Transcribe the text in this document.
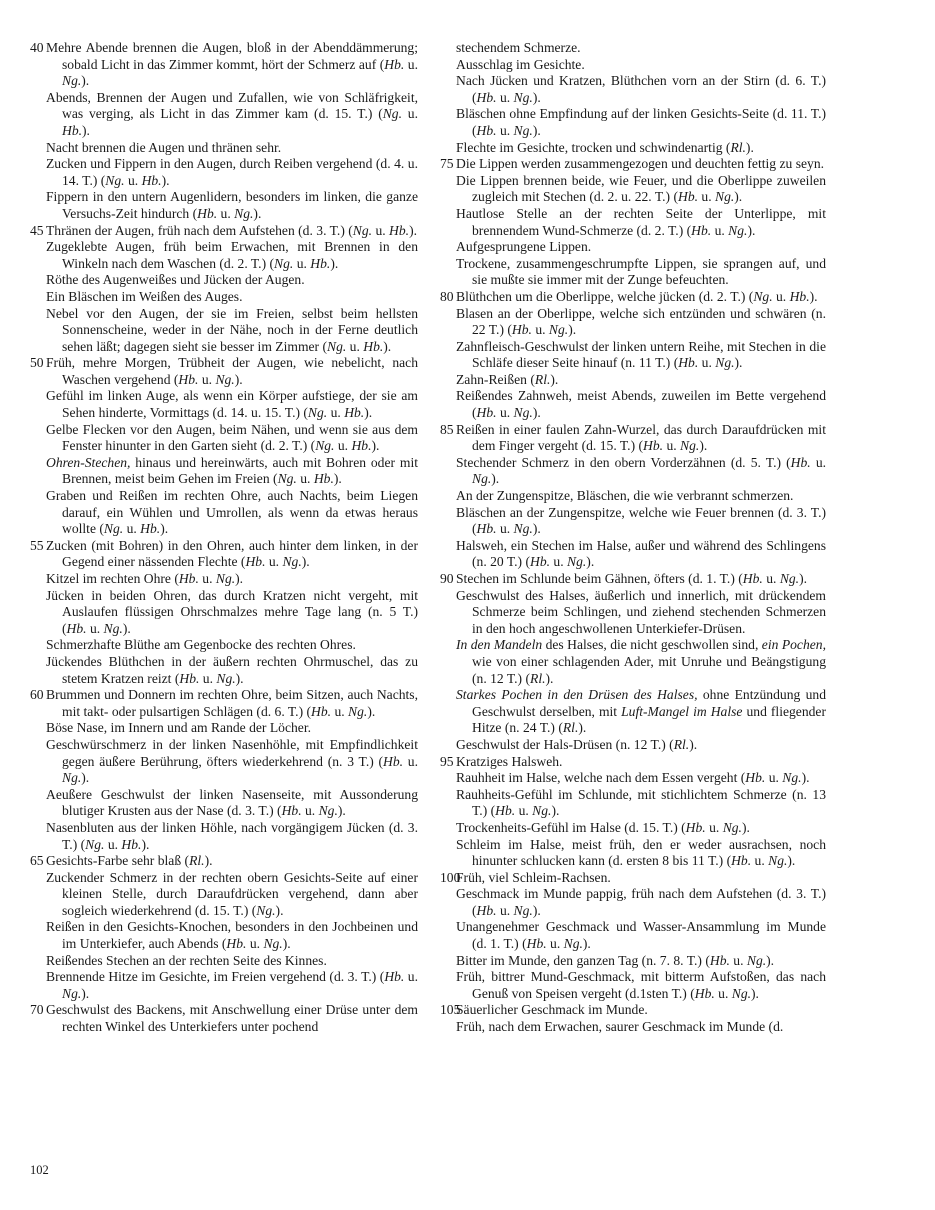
40 Mehre Abende brennen die Augen, bloß in der Abenddämmerung; sobald Licht in das Zimmer kommt, hört der Schmerz auf (Hb. u. Ng.).

Abends, Brennen der Augen und Zufallen, wie von Schläfrigkeit, was verging, als Licht in das Zimmer kam (d. 15. T.) (Ng. u. Hb.).

Nacht brennen die Augen und thränen sehr.

Zucken und Fippern in den Augen, durch Reiben vergehend (d. 4. u. 14. T.) (Ng. u. Hb.).

Fippern in den untern Augenlidern, besonders im linken, die ganze Versuchs-Zeit hindurch (Hb. u. Ng.).

45 Thränen der Augen, früh nach dem Aufstehen (d. 3. T.) (Ng. u. Hb.).

Zugeklebte Augen, früh beim Erwachen, mit Brennen in den Winkeln nach dem Waschen (d. 2. T.) (Ng. u. Hb.).

Röthe des Augenweißes und Jücken der Augen.

Ein Bläschen im Weißen des Auges.

Nebel vor den Augen, der sie im Freien, selbst beim hellsten Sonnenscheine, weder in der Nähe, noch in der Ferne deutlich sehen läßt; dagegen sieht sie besser im Zimmer (Ng. u. Hb.).

50 Früh, mehre Morgen, Trübheit der Augen, wie nebelicht, nach Waschen vergehend (Hb. u. Ng.).

Gefühl im linken Auge, als wenn ein Körper aufstiege, der sie am Sehen hinderte, Vormittags (d. 14. u. 15. T.) (Ng. u. Hb.).

Gelbe Flecken vor den Augen, beim Nähen, und wenn sie aus dem Fenster hinunter in den Garten sieht (d. 2. T.) (Ng. u. Hb.).

Ohren-Stechen, hinaus und hereinwärts, auch mit Bohren oder mit Brennen, meist beim Gehen im Freien (Ng. u. Hb.).

Graben und Reißen im rechten Ohre, auch Nachts, beim Liegen darauf, ein Wühlen und Umrollen, als wenn da etwas heraus wollte (Ng. u. Hb.).

55 Zucken (mit Bohren) in den Ohren, auch hinter dem linken, in der Gegend einer nässenden Flechte (Hb. u. Ng.).

Kitzel im rechten Ohre (Hb. u. Ng.).

Jücken in beiden Ohren, das durch Kratzen nicht vergeht, mit Auslaufen flüssigen Ohrschmalzes mehre Tage lang (n. 5 T.) (Hb. u. Ng.).

Schmerzhafte Blüthe am Gegenbocke des rechten Ohres.

Jückendes Blüthchen in der äußern rechten Ohrmuschel, das zu stetem Kratzen reizt (Hb. u. Ng.).

60 Brummen und Donnern im rechten Ohre, beim Sitzen, auch Nachts, mit takt- oder pulsartigen Schlägen (d. 6. T.) (Hb. u. Ng.).

Böse Nase, im Innern und am Rande der Löcher.

Geschwürschmerz in der linken Nasenhöhle, mit Empfindlichkeit gegen äußere Berührung, öfters wiederkehrend (n. 3 T.) (Hb. u. Ng.).

Aeußere Geschwulst der linken Nasenseite, mit Aussonderung blutiger Krusten aus der Nase (d. 3. T.) (Hb. u. Ng.).

Nasenbluten aus der linken Höhle, nach vorgängigem Jücken (d. 3. T.) (Ng. u. Hb.).

65 Gesichts-Farbe sehr blaß (Rl.).

Zuckender Schmerz in der rechten obern Gesichts-Seite auf einer kleinen Stelle, durch Daraufdrücken vergehend, dann aber sogleich wiederkehrend (d. 15. T.) (Ng.).

Reißen in den Gesichts-Knochen, besonders in den Jochbeinen und im Unterkiefer, auch Abends (Hb. u. Ng.).

Reißendes Stechen an der rechten Seite des Kinnes.

Brennende Hitze im Gesichte, im Freien vergehend (d. 3. T.) (Hb. u. Ng.).

70 Geschwulst des Backens, mit Anschwellung einer Drüse unter dem rechten Winkel des Unterkiefers unter pochend

stechendem Schmerze.

Ausschlag im Gesichte.

Nach Jücken und Kratzen, Blüthchen vorn an der Stirn (d. 6. T.) (Hb. u. Ng.).

Bläschen ohne Empfindung auf der linken Gesichts-Seite (d. 11. T.) (Hb. u. Ng.).

Flechte im Gesichte, trocken und schwindenartig (Rl.).

75 Die Lippen werden zusammengezogen und deuchten fettig zu seyn.

Die Lippen brennen beide, wie Feuer, und die Oberlippe zuweilen zugleich mit Stechen (d. 2. u. 22. T.) (Hb. u. Ng.).

Hautlose Stelle an der rechten Seite der Unterlippe, mit brennendem Wund-Schmerze (d. 2. T.) (Hb. u. Ng.).

Aufgesprungene Lippen.

Trockene, zusammengeschrumpfte Lippen, sie sprangen auf, und sie mußte sie immer mit der Zunge befeuchten.

80 Blüthchen um die Oberlippe, welche jücken (d. 2. T.) (Ng. u. Hb.).

Blasen an der Oberlippe, welche sich entzünden und schwären (n. 22 T.) (Hb. u. Ng.).

Zahnfleisch-Geschwulst der linken untern Reihe, mit Stechen in die Schläfe dieser Seite hinauf (n. 11 T.) (Hb. u. Ng.).

Zahn-Reißen (Rl.).

Reißendes Zahnweh, meist Abends, zuweilen im Bette vergehend (Hb. u. Ng.).

85 Reißen in einer faulen Zahn-Wurzel, das durch Daraufdrücken mit dem Finger vergeht (d. 15. T.) (Hb. u. Ng.).

Stechender Schmerz in den obern Vorderzähnen (d. 5. T.) (Hb. u. Ng.).

An der Zungenspitze, Bläschen, die wie verbrannt schmerzen.

Bläschen an der Zungenspitze, welche wie Feuer brennen (d. 3. T.) (Hb. u. Ng.).

Halsweh, ein Stechen im Halse, außer und während des Schlingens (n. 20 T.) (Hb. u. Ng.).

90 Stechen im Schlunde beim Gähnen, öfters (d. 1. T.) (Hb. u. Ng.).

Geschwulst des Halses, äußerlich und innerlich, mit drückendem Schmerze beim Schlingen, und ziehend stechenden Schmerzen in den hoch angeschwollenen Unterkiefer-Drüsen.

In den Mandeln des Halses, die nicht geschwollen sind, ein Pochen, wie von einer schlagenden Ader, mit Unruhe und Beängstigung (n. 12 T.) (Rl.).

Starkes Pochen in den Drüsen des Halses, ohne Entzündung und Geschwulst derselben, mit Luft-Mangel im Halse und fliegender Hitze (n. 24 T.) (Rl.).

Geschwulst der Hals-Drüsen (n. 12 T.) (Rl.).

95 Kratziges Halsweh.

Rauhheit im Halse, welche nach dem Essen vergeht (Hb. u. Ng.).

Rauhheits-Gefühl im Schlunde, mit stichlichtem Schmerze (n. 13 T.) (Hb. u. Ng.).

Trockenheits-Gefühl im Halse (d. 15. T.) (Hb. u. Ng.).

Schleim im Halse, meist früh, den er weder ausrachsen, noch hinunter schlucken kann (d. ersten 8 bis 11 T.) (Hb. u. Ng.).

100Früh, viel Schleim-Rachsen.

Geschmack im Munde pappig, früh nach dem Aufstehen (d. 3. T.) (Hb. u. Ng.).

Unangenehmer Geschmack und Wasser-Ansammlung im Munde (d. 1. T.) (Hb. u. Ng.).

Bitter im Munde, den ganzen Tag (n. 7. 8. T.) (Hb. u. Ng.).

Früh, bittrer Mund-Geschmack, mit bitterm Aufstoßen, das nach Genuß von Speisen vergeht (d.1sten T.) (Hb. u. Ng.).

105Säuerlicher Geschmack im Munde.

Früh, nach dem Erwachen, saurer Geschmack im Munde (d.

102
